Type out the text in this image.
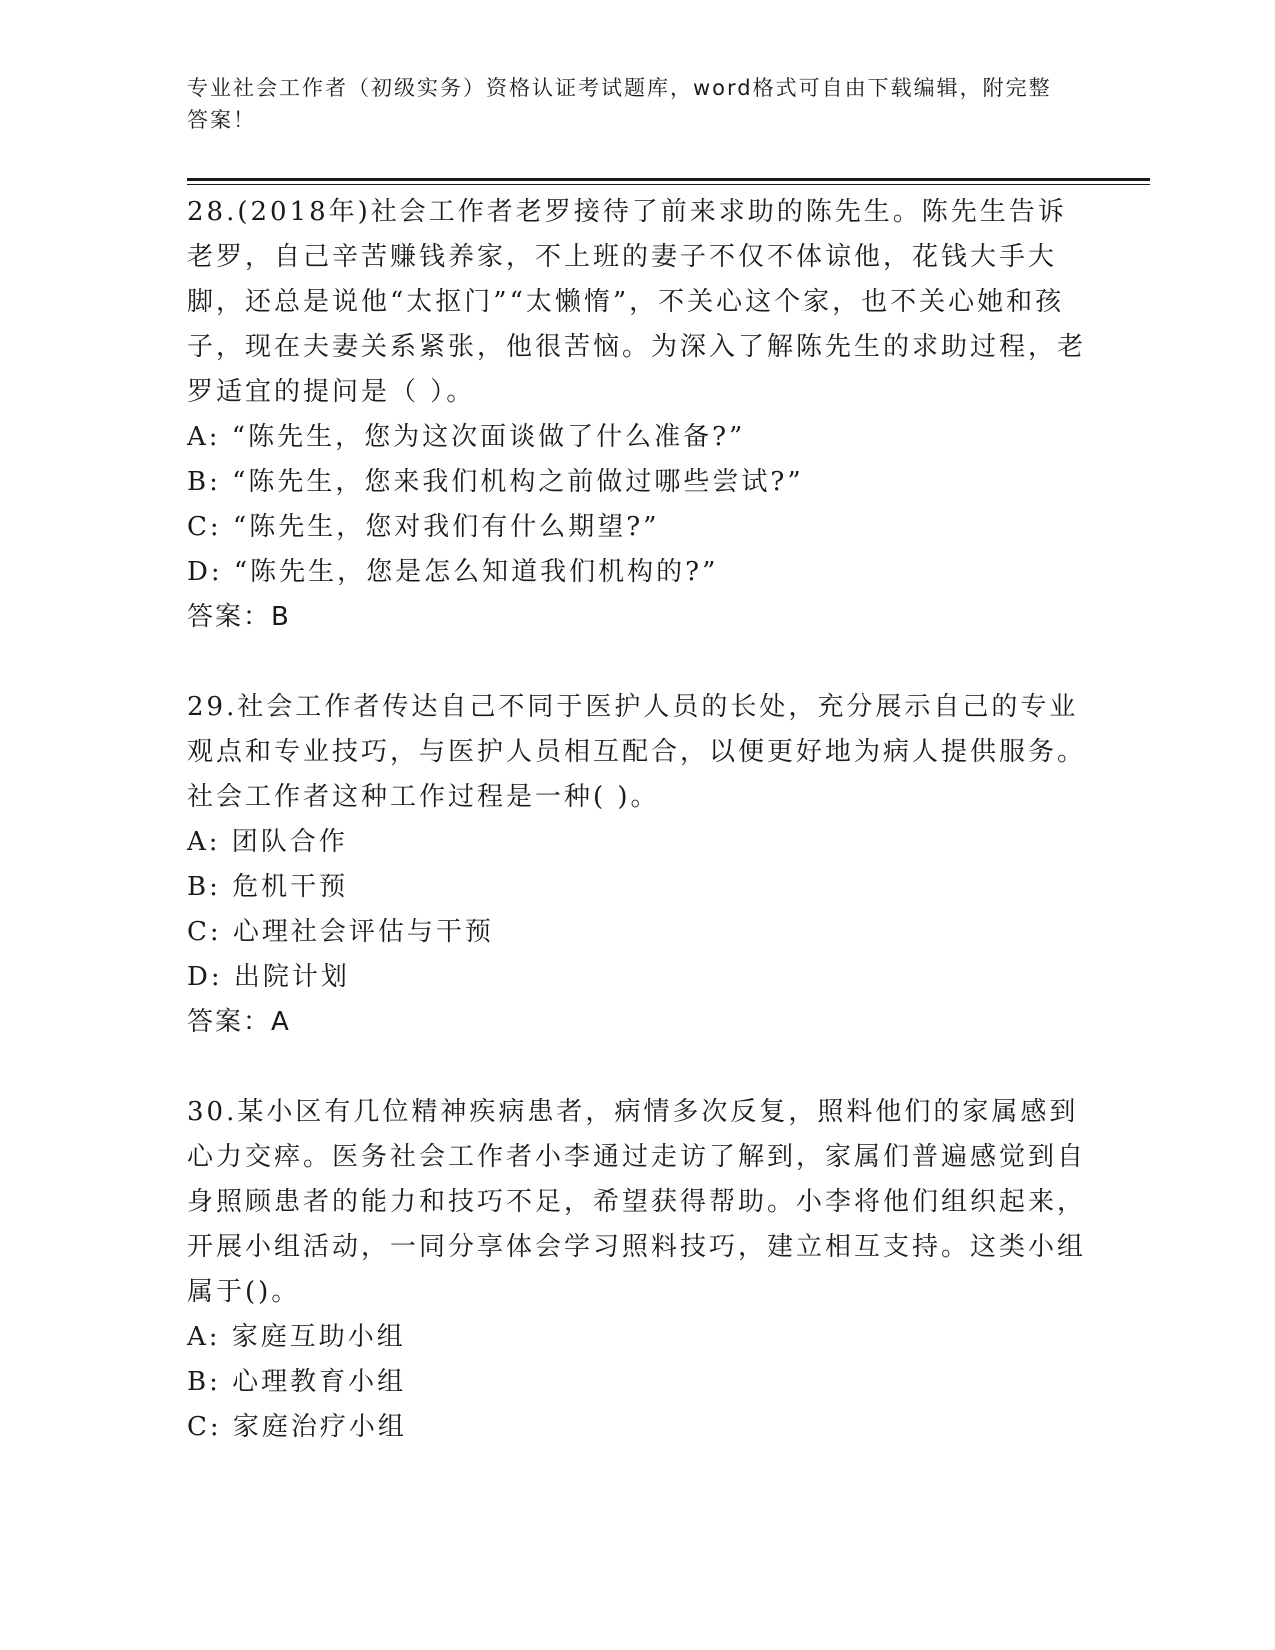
专业社会工作者（初级实务）资格认证考试题库，word格式可自由下载编辑，附完整答案！

28.(2018年)社会工作者老罗接待了前来求助的陈先生。陈先生告诉老罗，自己辛苦赚钱养家，不上班的妻子不仅不体谅他，花钱大手大脚，还总是说他“太抠门”“太懒惰”，不关心这个家，也不关心她和孩子，现在夫妻关系紧张，他很苦恼。为深入了解陈先生的求助过程，老罗适宜的提问是（ ）。

A: “陈先生，您为这次面谈做了什么准备?”
B: “陈先生，您来我们机构之前做过哪些尝试?”
C: “陈先生，您对我们有什么期望?”
D: “陈先生，您是怎么知道我们机构的?”
答案：B

29.社会工作者传达自己不同于医护人员的长处，充分展示自己的专业观点和专业技巧，与医护人员相互配合，以便更好地为病人提供服务。社会工作者这种工作过程是一种( )。

A: 团队合作
B: 危机干预
C: 心理社会评估与干预
D: 出院计划
答案：A

30.某小区有几位精神疾病患者，病情多次反复，照料他们的家属感到心力交瘁。医务社会工作者小李通过走访了解到，家属们普遍感觉到自身照顾患者的能力和技巧不足，希望获得帮助。小李将他们组织起来，开展小组活动，一同分享体会学习照料技巧，建立相互支持。这类小组属于()。

A: 家庭互助小组
B: 心理教育小组
C: 家庭治疗小组
